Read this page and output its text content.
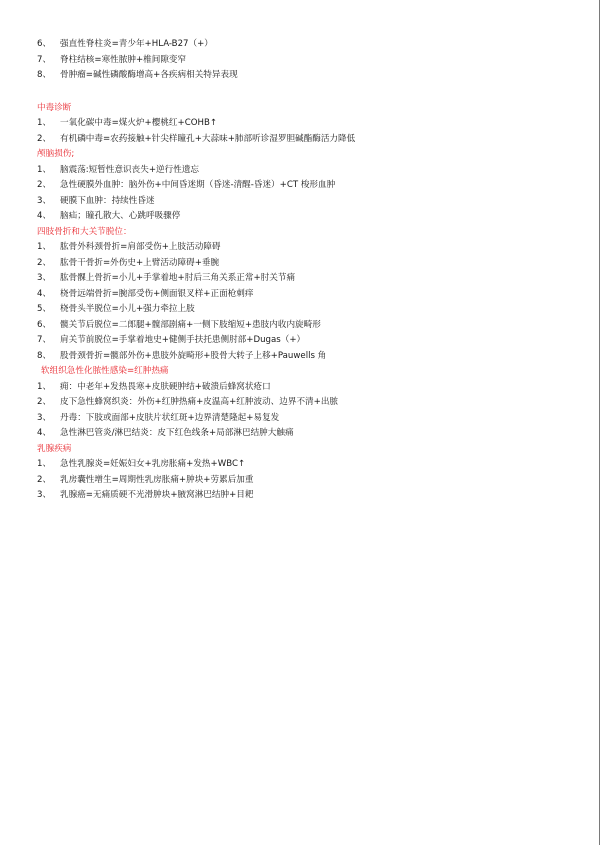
6、 强直性脊柱炎=青少年+HLA-B27（+）
7、 脊柱结核=寒性脓肿+椎间隙变窄
8、 骨肿瘤=碱性磷酸酶增高+各疾病相关特异表现
中毒诊断
1、 一氧化碳中毒=煤火炉+樱桃红+COHB↑
2、 有机磷中毒=农药接触+针尖样瞳孔+大蒜味+肺部听诊湿罗胆碱酯酶活力降低
颅脑损伤;
1、 脑震荡:短暂性意识丧失+逆行性遗忘
2、 急性硬膜外血肿：脑外伤+中间昏迷期（昏迷-清醒-昏迷）+CT 梭形血肿
3、 硬膜下血肿：持续性昏迷
4、 脑疝；瞳孔散大、心跳呼吸骤停
四肢骨折和大关节脱位：
1、 肱骨外科颈骨折=肩部受伤+上肢活动障碍
2、 肱骨干骨折=外伤史+上臂活动障碍+垂腕
3、 肱骨髁上骨折=小儿+手掌着地+肘后三角关系正常+肘关节痛
4、 桡骨远端骨折=腕部受伤+侧面银叉样+正面枪刺痒
5、 桡骨头半脱位=小儿+强力牵拉上肢
6、 髋关节后脱位=二郎腿+髋部剧痛+一侧下肢缩短+患肢内收内旋畸形
7、 肩关节前脱位=手掌着地史+健侧手扶托患侧肘部+Dugas（+）
8、 股骨颈骨折=髋部外伤+患肢外旋畸形+股骨大转子上移+Pauwells 角
软组织急性化脓性感染=红肿热痛
1、 痈：中老年+发热畏寒+皮肤硬肿结+破溃后蜂窝状疮口
2、 皮下急性蜂窝织炎：外伤+红肿热痛+皮温高+红肿波动、边界不清+出脓
3、 丹毒：下肢或面部+皮肤片状红斑+边界清楚隆起+易复发
4、 急性淋巴管炎/淋巴结炎：皮下红色线条+局部淋巴结肿大触痛
乳腺疾病
1、 急性乳腺炎=妊娠妇女+乳房胀痛+发热+WBC↑
2、 乳房囊性增生=周期性乳房胀痛+肿块+劳累后加重
3、 乳腺癌=无痛质硬不光滑肿块+腋窝淋巴结肿+目耙
